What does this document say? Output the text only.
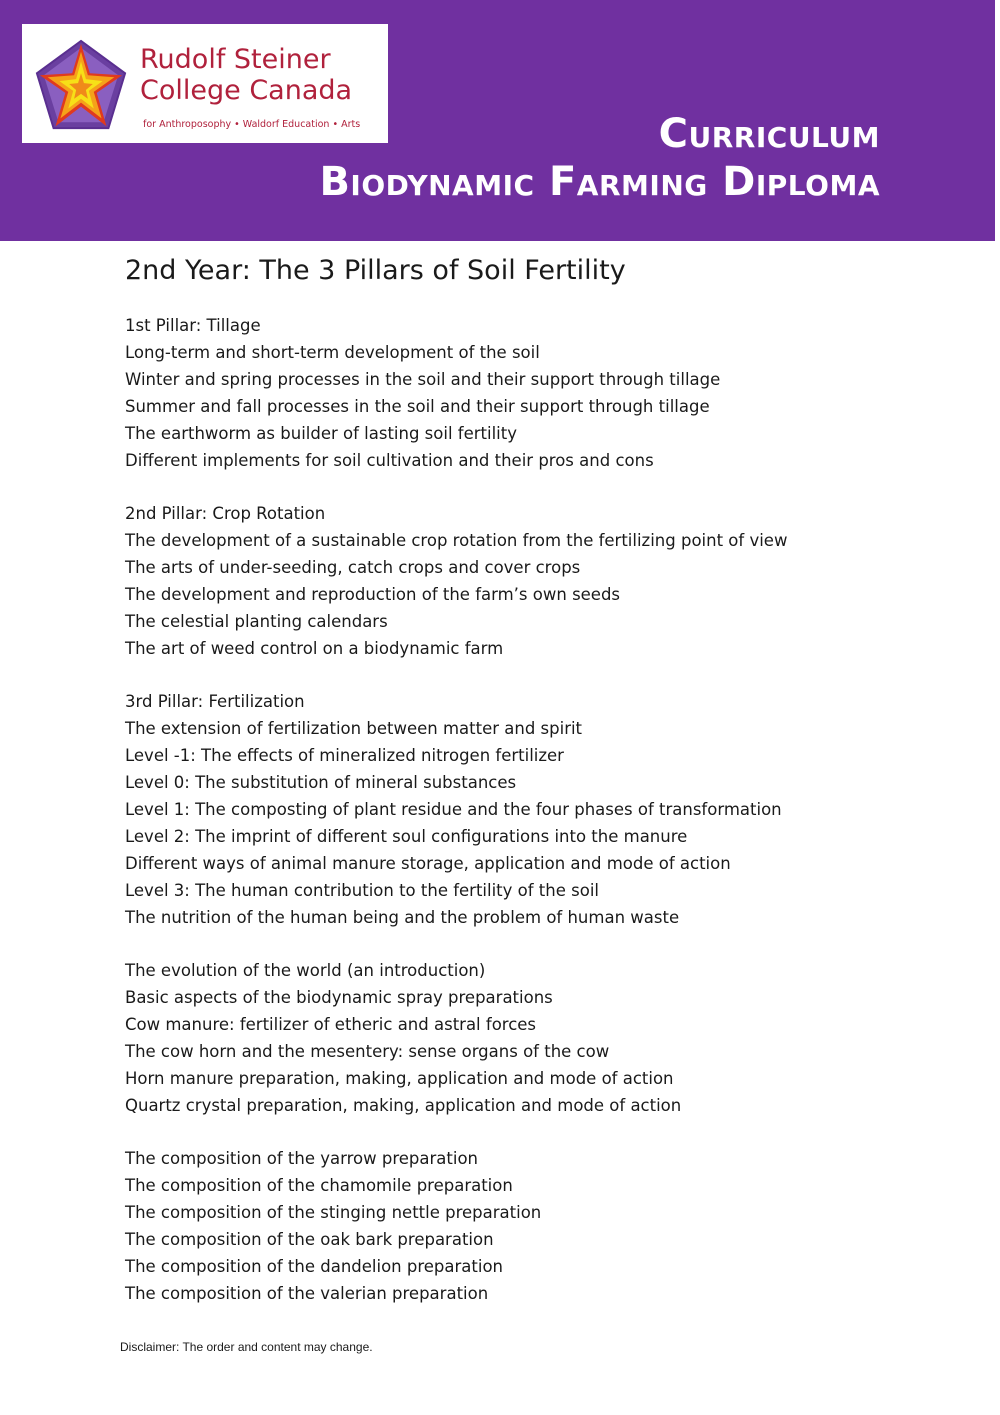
Rudolf Steiner
College Canada
for Anthroposophy • Waldorf Education • Arts	Curriculum
Biodynamic Farming Diploma
2nd Year: The 3 Pillars of Soil Fertility
1st Pillar: Tillage
Long-term and short-term development of the soil
Winter and spring processes in the soil and their support through tillage
Summer and fall processes in the soil and their support through tillage
The earthworm as builder of lasting soil fertility
Different implements for soil cultivation and their pros and cons
2nd Pillar: Crop Rotation
The development of a sustainable crop rotation from the fertilizing point of view
The arts of under-seeding, catch crops and cover crops
The development and reproduction of the farm’s own seeds
The celestial planting calendars
The art of weed control on a biodynamic farm
3rd Pillar: Fertilization
The extension of fertilization between matter and spirit
Level -1: The effects of mineralized nitrogen fertilizer
Level 0: The substitution of mineral substances
Level 1: The composting of plant residue and the four phases of transformation
Level 2: The imprint of different soul configurations into the manure
Different ways of animal manure storage, application and mode of action
Level 3: The human contribution to the fertility of the soil
The nutrition of the human being and the problem of human waste
The evolution of the world (an introduction)
Basic aspects of the biodynamic spray preparations
Cow manure: fertilizer of etheric and astral forces
The cow horn and the mesentery: sense organs of the cow
Horn manure preparation, making, application and mode of action
Quartz crystal preparation, making, application and mode of action
The composition of the yarrow preparation
The composition of the chamomile preparation
The composition of the stinging nettle preparation
The composition of the oak bark preparation
The composition of the dandelion preparation
The composition of the valerian preparation
Disclaimer: The order and content may change.
